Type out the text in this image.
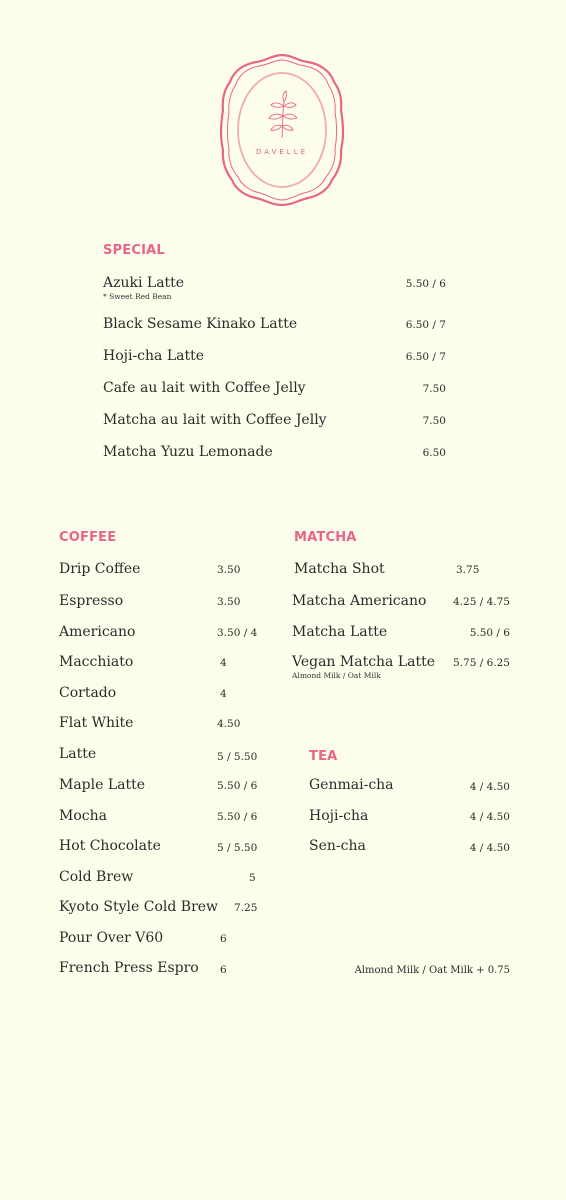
DAVELLE
SPECIAL
Azuki Latte
* Sweet Red Bean
5.50 / 6
Black Sesame Kinako Latte	6.50 / 7
Hoji-cha Latte	6.50 / 7
Cafe au lait with Coffee Jelly	7.50
Matcha au lait with Coffee Jelly	7.50
Matcha Yuzu Lemonade	6.50
COFFEE
Drip Coffee	3.50
Espresso	3.50
Americano	3.50 / 4
Macchiato	4
Cortado	4
Flat White	4.50
Latte	5 / 5.50
Maple Latte	5.50 / 6
Mocha	5.50 / 6
Hot Chocolate	5 / 5.50
Cold Brew	5
Kyoto Style Cold Brew 7.25
Pour Over V60	6
French Press Espro 6
MATCHA
Matcha Shot	3.75
Matcha Americano	4.25 / 4.75
Matcha Latte	5.50 / 6
Vegan Matcha Latte
Almond Milk / Oat Milk
5.75 / 6.25
TEA
Genmai-cha	4 / 4.50
Hoji-cha	4 / 4.50
Sen-cha	4 / 4.50
Almond Milk / Oat Milk + 0.75
